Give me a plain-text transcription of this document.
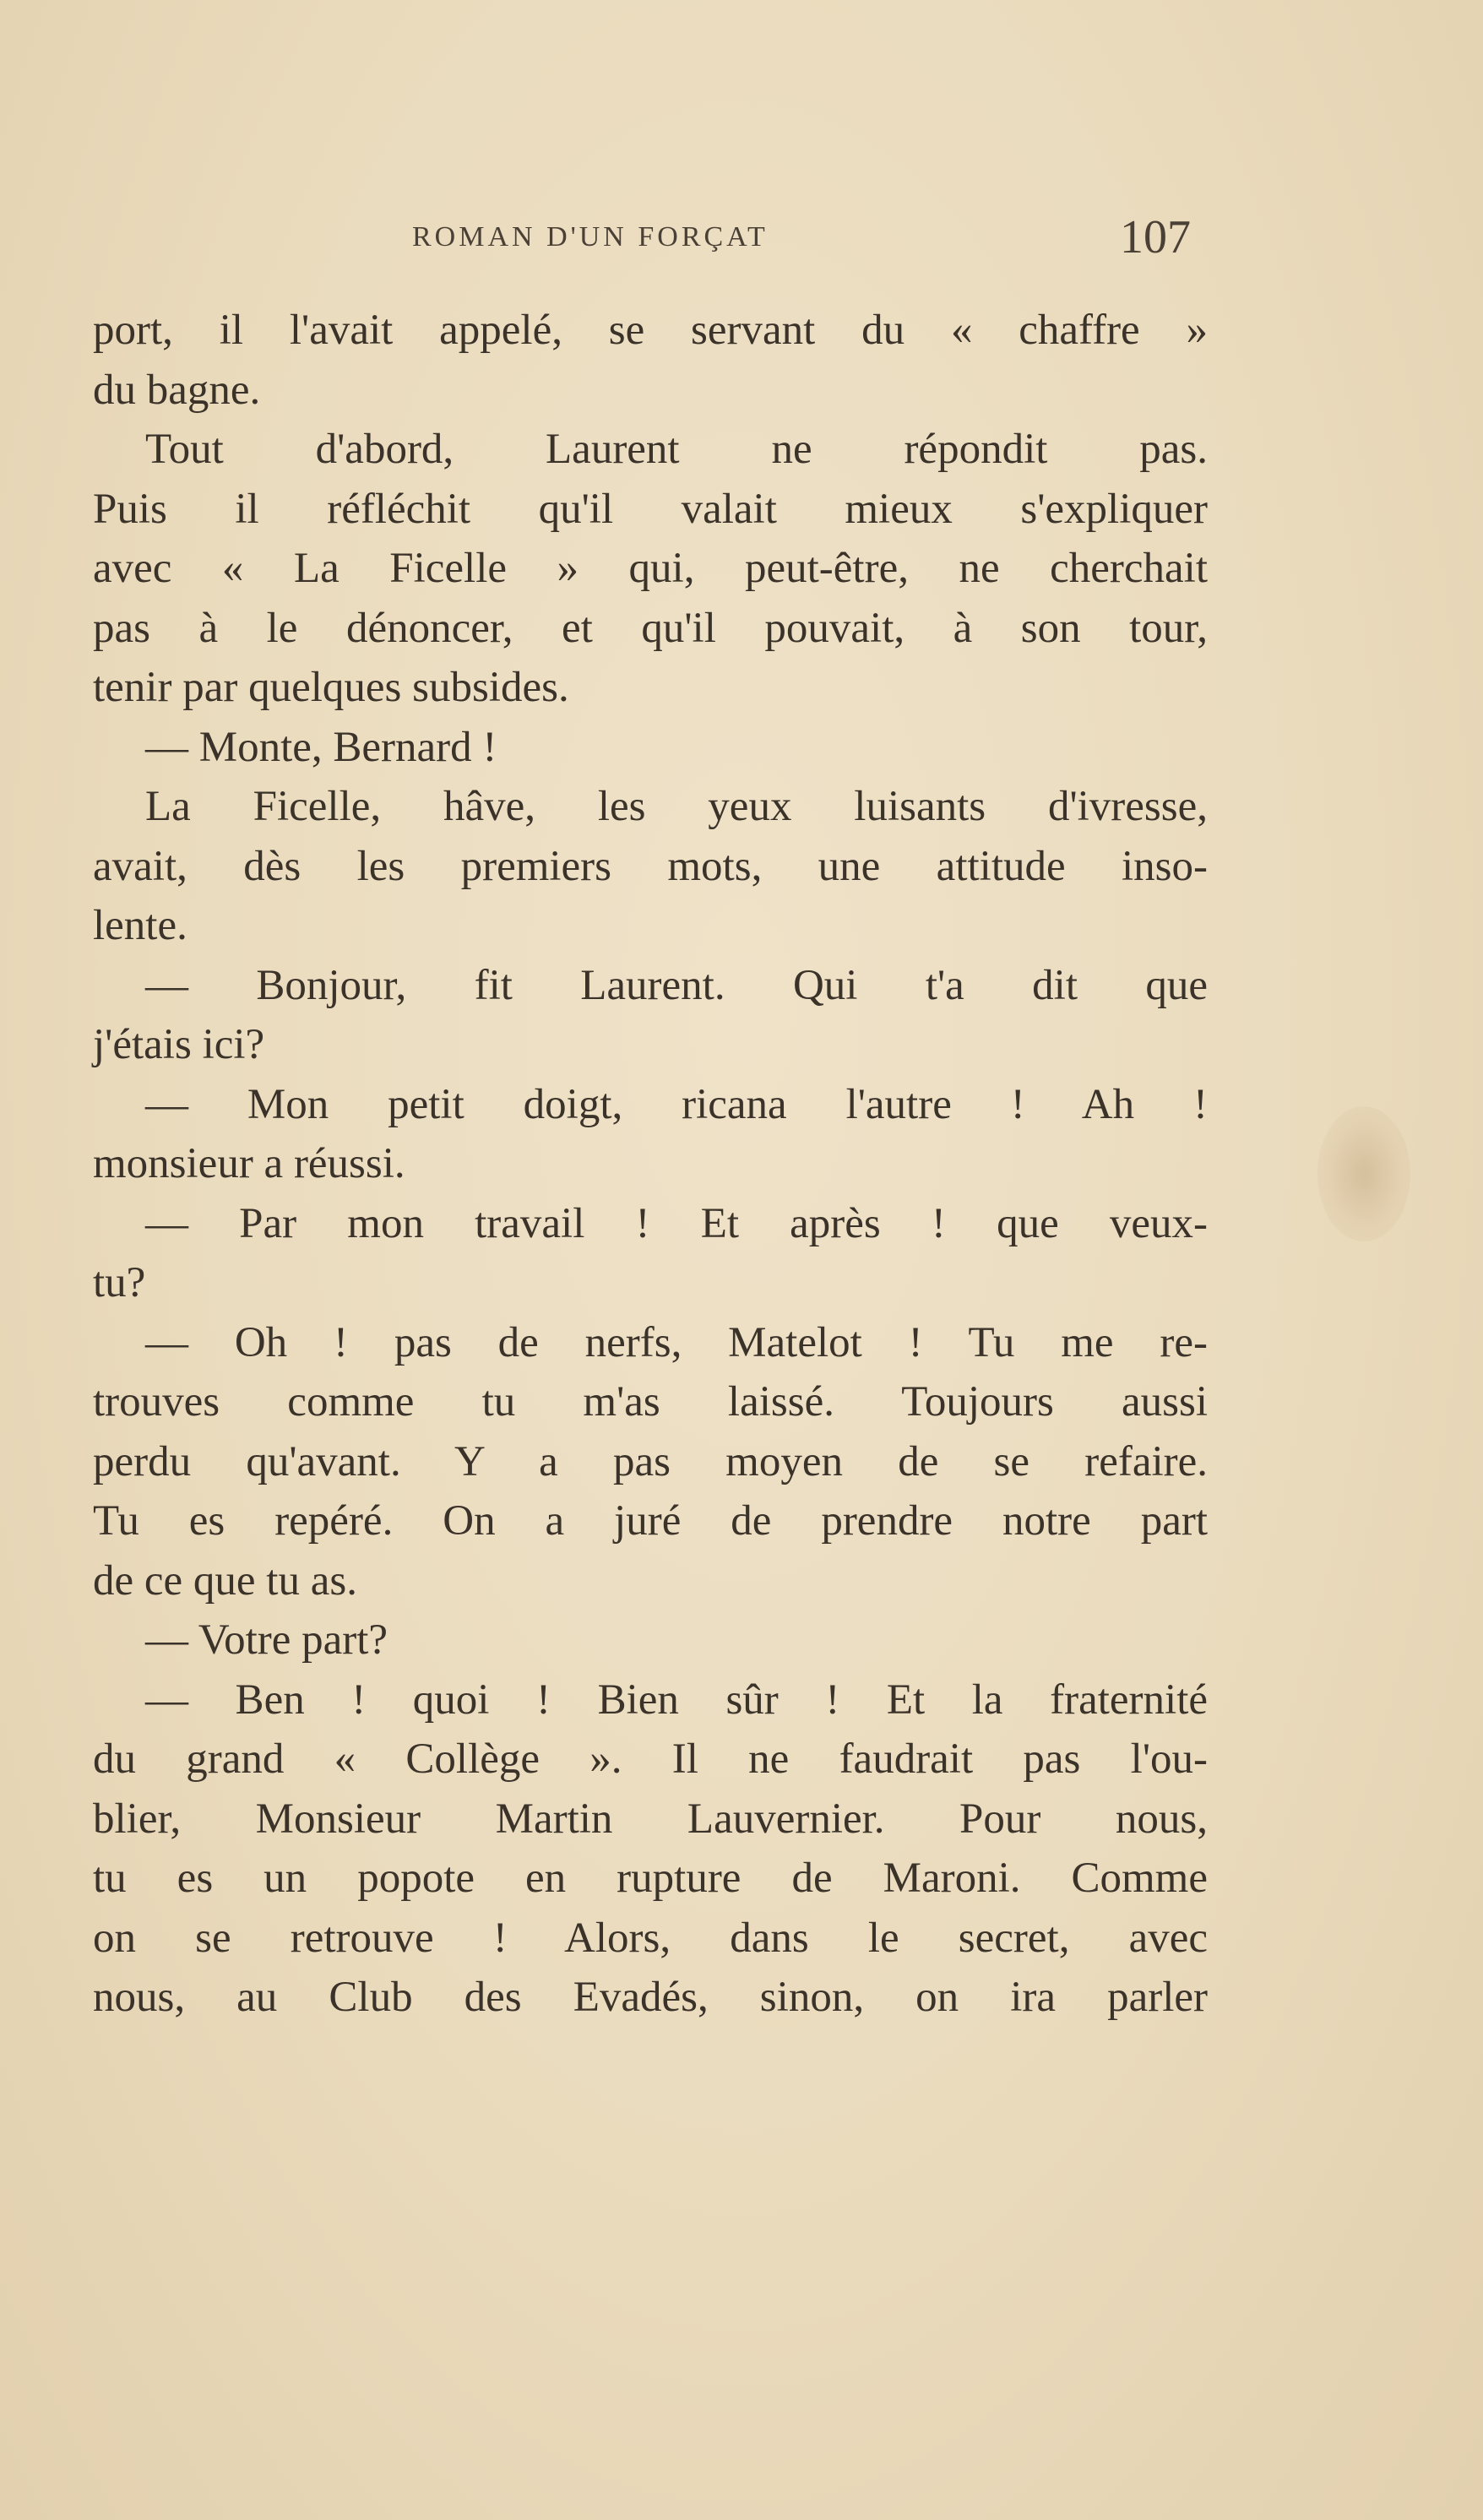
ROMAN D'UN FORÇAT	107
port, il l'avait appelé, se servant du « chaffre »
du bagne.
Tout d'abord, Laurent ne répondit pas.
Puis il réfléchit qu'il valait mieux s'expliquer
avec « La Ficelle » qui, peut-être, ne cherchait
pas à le dénoncer, et qu'il pouvait, à son tour,
tenir par quelques subsides.
— Monte, Bernard !
La Ficelle, hâve, les yeux luisants d'ivresse,
avait, dès les premiers mots, une attitude inso-
lente.
— Bonjour, fit Laurent. Qui t'a dit que
j'étais ici?
— Mon petit doigt, ricana l'autre ! Ah !
monsieur a réussi.
— Par mon travail ! Et après ! que veux-
tu?
— Oh ! pas de nerfs, Matelot ! Tu me re-
trouves comme tu m'as laissé. Toujours aussi
perdu qu'avant. Y a pas moyen de se refaire.
Tu es repéré. On a juré de prendre notre part
de ce que tu as.
— Votre part?
— Ben ! quoi ! Bien sûr ! Et la fraternité
du grand « Collège ». Il ne faudrait pas l'ou-
blier, Monsieur Martin Lauvernier. Pour nous,
tu es un popote en rupture de Maroni. Comme
on se retrouve ! Alors, dans le secret, avec
nous, au Club des Evadés, sinon, on ira parler
